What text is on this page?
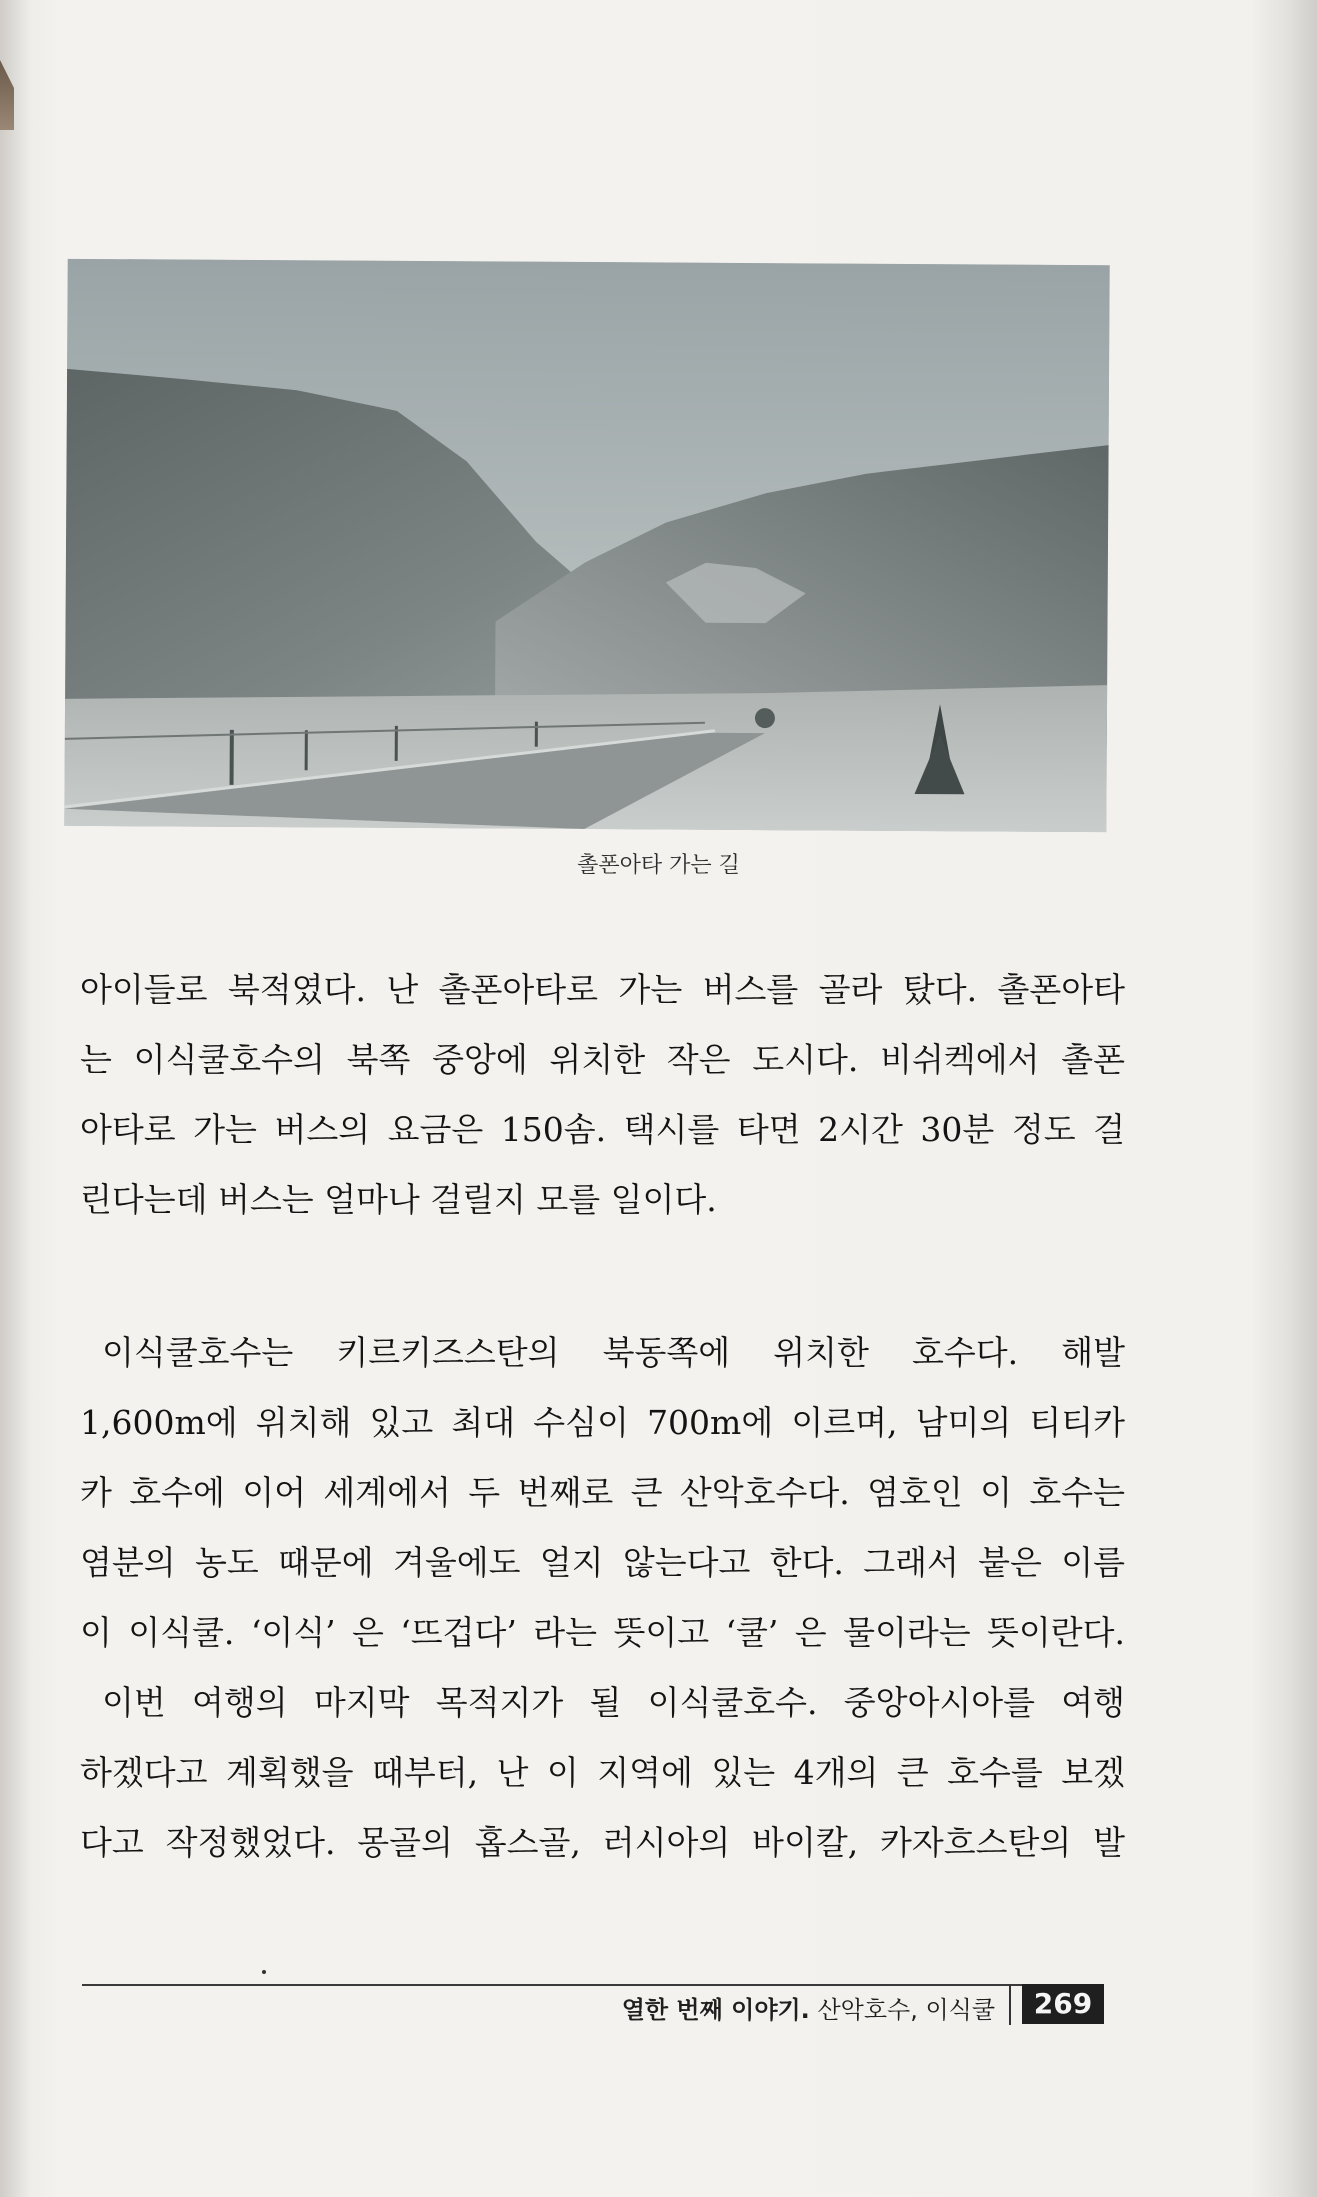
촐폰아타 가는 길
아이들로 북적였다. 난 촐폰아타로 가는 버스를 골라 탔다. 촐폰아타
는 이식쿨호수의 북쪽 중앙에 위치한 작은 도시다. 비쉬켁에서 촐폰
아타로 가는 버스의 요금은 150솜. 택시를 타면 2시간 30분 정도 걸
린다는데 버스는 얼마나 걸릴지 모를 일이다.
이식쿨호수는 키르키즈스탄의 북동쪽에 위치한 호수다. 해발
1,600m에 위치해 있고 최대 수심이 700m에 이르며, 남미의 티티카
카 호수에 이어 세계에서 두 번째로 큰 산악호수다. 염호인 이 호수는
염분의 농도 때문에 겨울에도 얼지 않는다고 한다. 그래서 붙은 이름
이 이식쿨. ‘이식’ 은 ‘뜨겁다’ 라는 뜻이고 ‘쿨’ 은 물이라는 뜻이란다.
이번 여행의 마지막 목적지가 될 이식쿨호수. 중앙아시아를 여행
하겠다고 계획했을 때부터, 난 이 지역에 있는 4개의 큰 호수를 보겠
다고 작정했었다. 몽골의 홉스골, 러시아의 바이칼, 카자흐스탄의 발
열한 번째 이야기. 산악호수, 이식쿨	269
